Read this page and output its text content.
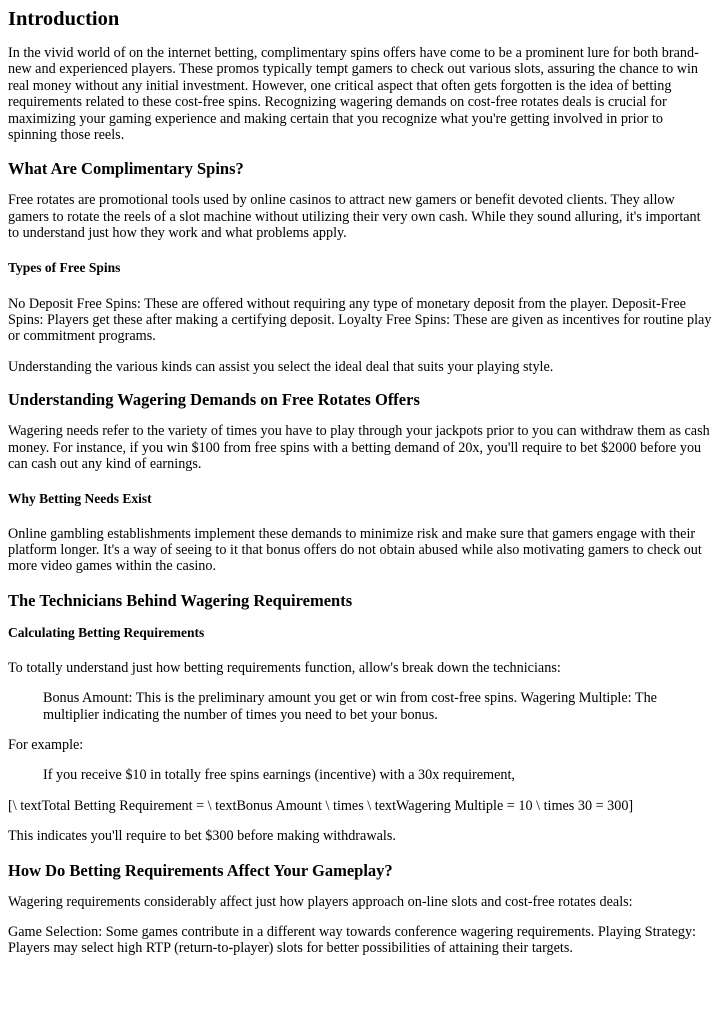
Introduction

In the vivid world of on the internet betting, complimentary spins offers have come to be a prominent lure for both brand-new and experienced players. These promos typically tempt gamers to check out various slots, assuring the chance to win real money without any initial investment. However, one critical aspect that often gets forgotten is the idea of betting requirements related to these cost-free spins. Recognizing wagering demands on cost-free rotates deals is crucial for maximizing your gaming experience and making certain that you recognize what you're getting involved in prior to spinning those reels.

What Are Complimentary Spins?

Free rotates are promotional tools used by online casinos to attract new gamers or benefit devoted clients. They allow gamers to rotate the reels of a slot machine without utilizing their very own cash. While they sound alluring, it's important to understand just how they work and what problems apply.

Types of Free Spins

No Deposit Free Spins: These are offered without requiring any type of monetary deposit from the player. Deposit-Free Spins: Players get these after making a certifying deposit. Loyalty Free Spins: These are given as incentives for routine play or commitment programs.

Understanding the various kinds can assist you select the ideal deal that suits your playing style.

Understanding Wagering Demands on Free Rotates Offers

Wagering needs refer to the variety of times you have to play through your jackpots prior to you can withdraw them as cash money. For instance, if you win $100 from free spins with a betting demand of 20x, you'll require to bet $2000 before you can cash out any kind of earnings.

Why Betting Needs Exist

Online gambling establishments implement these demands to minimize risk and make sure that gamers engage with their platform longer. It's a way of seeing to it that bonus offers do not obtain abused while also motivating gamers to check out more video games within the casino.

The Technicians Behind Wagering Requirements
Calculating Betting Requirements

To totally understand just how betting requirements function, allow's break down the technicians:

Bonus Amount: This is the preliminary amount you get or win from cost-free spins. Wagering Multiple: The multiplier indicating the number of times you need to bet your bonus.

For example:

If you receive $10 in totally free spins earnings (incentive) with a 30x requirement,

[\ textTotal Betting Requirement = \ textBonus Amount \ times \ textWagering Multiple = 10 \ times 30 = 300]

This indicates you'll require to bet $300 before making withdrawals.

How Do Betting Requirements Affect Your Gameplay?

Wagering requirements considerably affect just how players approach on-line slots and cost-free rotates deals:

Game Selection: Some games contribute in a different way towards conference wagering requirements. Playing Strategy: Players may select high RTP (return-to-player) slots for better possibilities of attaining their targets.
